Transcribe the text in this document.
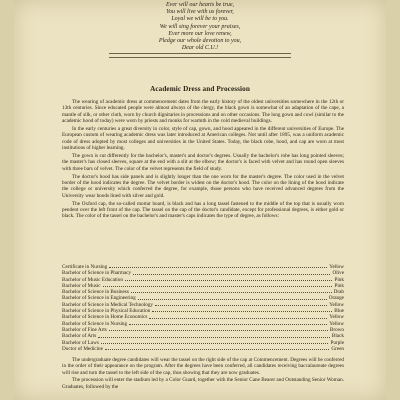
Ever will our hearts be true,
You will live with us forever,
Loyal we will be to you.
We will sing forever your praises,
Ever more our love renew,
Pledge our whole devotion to you,
Dear old C.U.!
Academic Dress and Procession

The wearing of academic dress at commencement dates from the early history of the oldest universities somewhere in the 12th or 13th centuries. Since educated people were almost always of the clergy, the black gown is somewhat of an adaptation of the cape, a mantle of silk, or other cloth, worn by church dignitaries in processions and on other occasions. The long gown and cowl (similar to the academic hood of today) were worn by priests and monks for warmth in the cold medieval buildings.

In the early centuries a great diversity in color, style of cap, gown, and hood appeared in the different universities of Europe. The European custom of wearing academic dress was later introduced at American colleges. Not until after 1895, was a uniform academic code of dress adopted by most colleges and universities in the United States. Today, the black robe, hood, and cap are worn at most institutions of higher learning.

The gown is cut differently for the bachelor's, master's and doctor's degrees. Usually the bachelor's robe has long pointed sleeves; the master's has closed sleeves, square at the end with a slit at the elbow; the doctor's is faced with velvet and has round open sleeves with three bars of velvet. The color of the velvet represents the field of study.

The doctor's hood has side panels and is slightly longer than the one worn for the master's degree. The color used in the velvet border of the hood indicates the degree. The velvet border is widest on the doctor's hood. The color on the lining of the hood indicate the college or university which conferred the degree, for example, those persons who have received advanced degrees from the University wear hoods lined with silver and gold.

The Oxford cap, the so-called mortar board, is black and has a long tassel fastened to the middle of the top that is usually worn pendent over the left front of the cap. The tassel on the cap of the doctor's candidate, except for professional degrees, is either gold or black. The color of the tassel on the bachelor's and master's caps indicates the type of degree, as follows:

Certificate in Nursing	Yellow
Bachelor of Science in Pharmacy	Olive
Bachelor of Music Education	Pink
Bachelor of Music	Pink
Bachelor of Science in Business	Drab
Bachelor of Science in Engineering	Orange
Bachelor of Science in Medical Technology	Yellow
Bachelor of Science in Physical Education	Blue
Bachelor of Science in Home Economics	Yellow
Bachelor of Science in Nursing	Yellow
Bachelor of Fine Arts	Brown
Bachelor of Arts	Black
Bachelor of Laws	Purple
Doctor of Medicine	Green

The undergraduate degree candidates will wear the tassel on the right side of the cap at Commencement. Degrees will be conferred in the order of their appearance on the program. After the degrees have been conferred, all candidates receiving baccalaureate degrees will rise and turn the tassel to the left side of the cap, thus showing that they are now graduates.

The procession will enter the stadium led by a Color Guard, together with the Senior Cane Bearer and Outstanding Senior Woman. Graduates, followed by the
